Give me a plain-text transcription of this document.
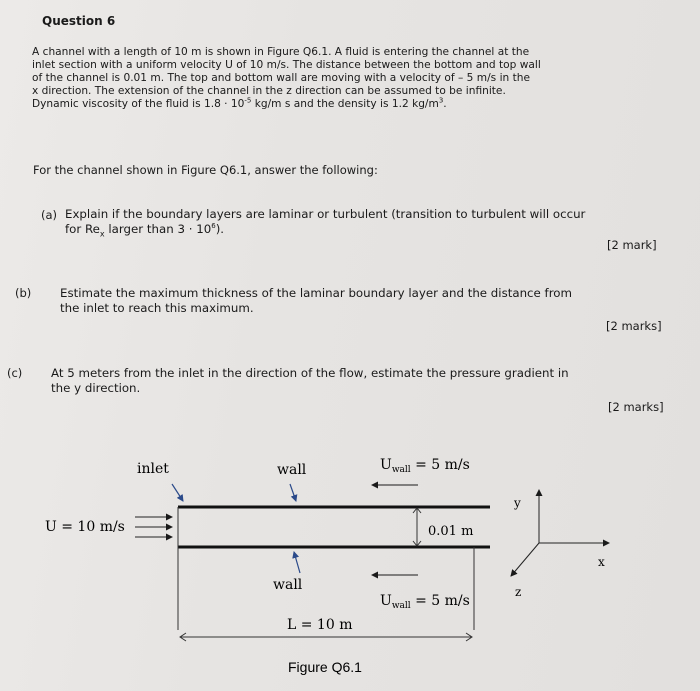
Question 6
A channel with a length of 10 m is shown in Figure Q6.1. A fluid is entering the channel at the
inlet section with a uniform velocity U of 10 m/s. The distance between the bottom and top wall
of the channel is 0.01 m. The top and bottom wall are moving with a velocity of – 5 m/s in the
x direction. The extension of the channel in the z direction can be assumed to be infinite.
Dynamic viscosity of the fluid is $1.8 \cdot 10^{-5}$ kg/m s and the density is 1.2 $kg/m^3$.
For the channel shown in Figure Q6.1, answer the following:
(a) Explain if the boundary layers are laminar or turbulent (transition to turbulent will occur
for $Re_x$ larger than $3 \cdot 10^6$).
[2 mark]
(b) Estimate the maximum thickness of the laminar boundary layer and the distance from
the inlet to reach this maximum.
[2 marks]
(c) At 5 meters from the inlet in the direction of the flow, estimate the pressure gradient in
the y direction.
[2 marks]
inlet	wall	$U_{wall} = 5$ m/s
U = 10 m/s	0.01 m
wall
$U_{wall} = 5$ m/s
L = 10 m
y
x
z
Figure Q6.1
